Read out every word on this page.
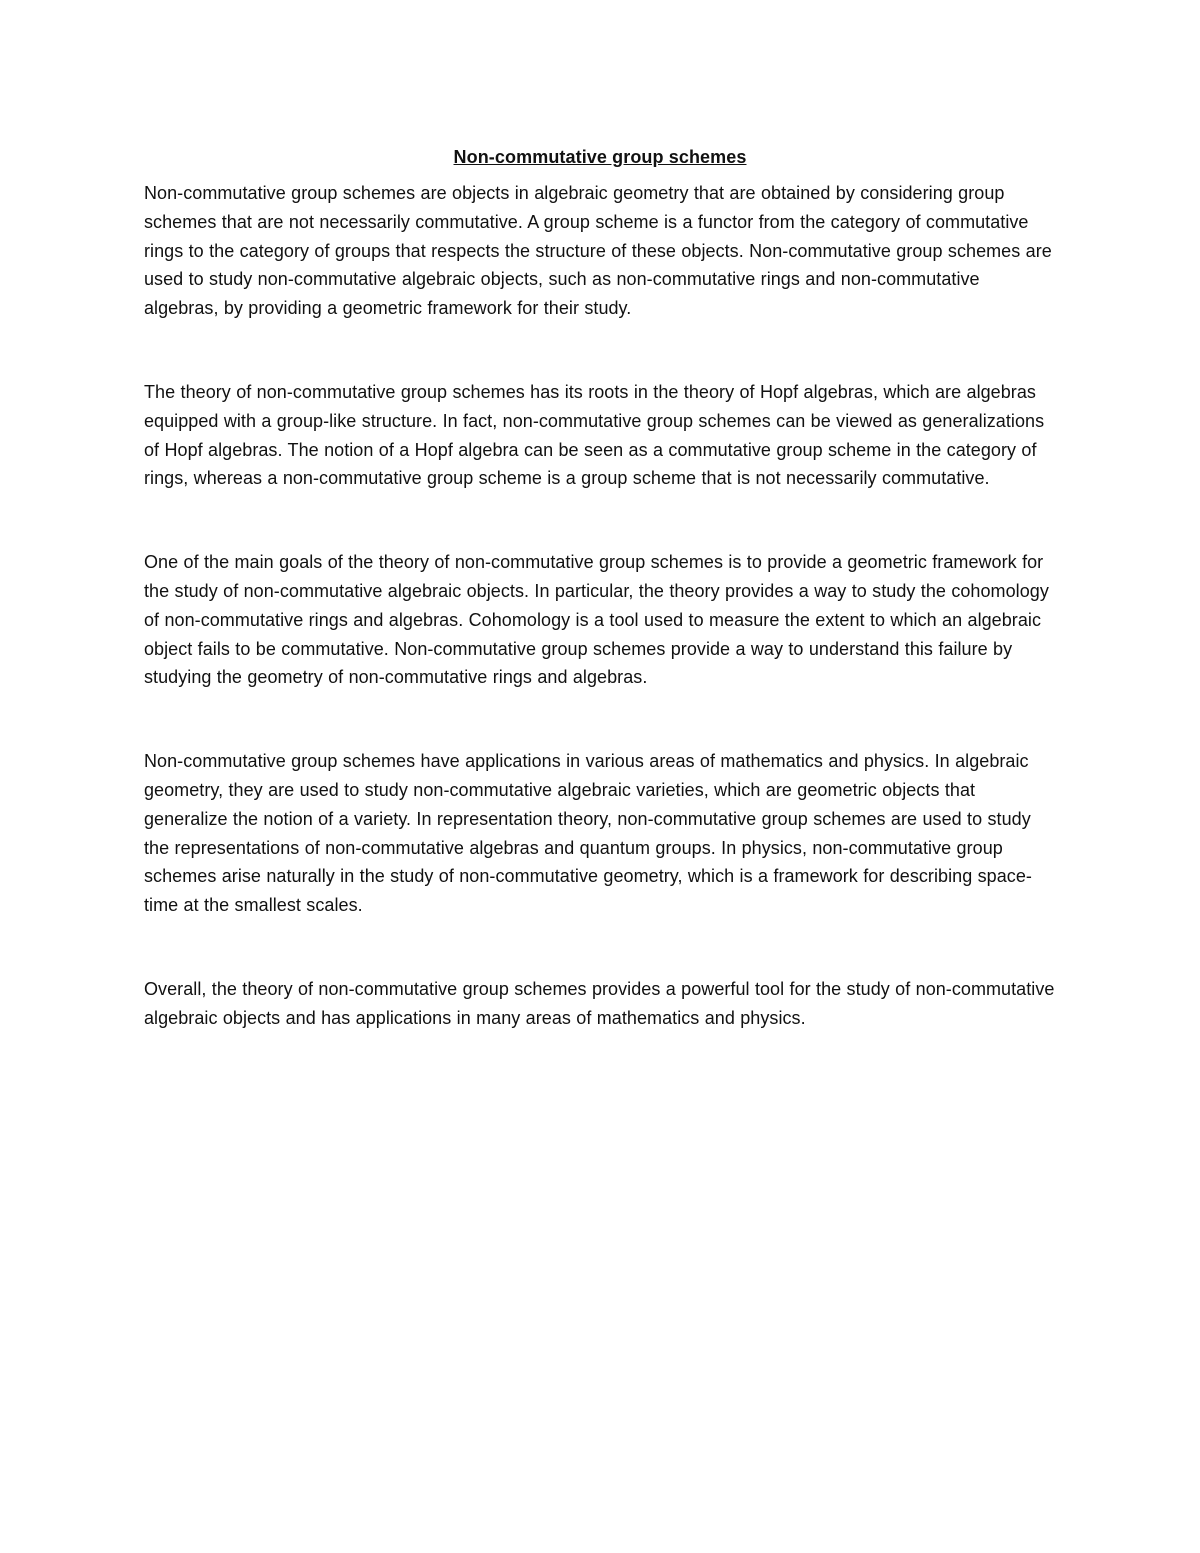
Non-commutative group schemes

Non-commutative group schemes are objects in algebraic geometry that are obtained by considering group schemes that are not necessarily commutative. A group scheme is a functor from the category of commutative rings to the category of groups that respects the structure of these objects. Non-commutative group schemes are used to study non-commutative algebraic objects, such as non-commutative rings and non-commutative algebras, by providing a geometric framework for their study.

The theory of non-commutative group schemes has its roots in the theory of Hopf algebras, which are algebras equipped with a group-like structure. In fact, non-commutative group schemes can be viewed as generalizations of Hopf algebras. The notion of a Hopf algebra can be seen as a commutative group scheme in the category of rings, whereas a non-commutative group scheme is a group scheme that is not necessarily commutative.

One of the main goals of the theory of non-commutative group schemes is to provide a geometric framework for the study of non-commutative algebraic objects. In particular, the theory provides a way to study the cohomology of non-commutative rings and algebras. Cohomology is a tool used to measure the extent to which an algebraic object fails to be commutative. Non-commutative group schemes provide a way to understand this failure by studying the geometry of non-commutative rings and algebras.

Non-commutative group schemes have applications in various areas of mathematics and physics. In algebraic geometry, they are used to study non-commutative algebraic varieties, which are geometric objects that generalize the notion of a variety. In representation theory, non-commutative group schemes are used to study the representations of non-commutative algebras and quantum groups. In physics, non-commutative group schemes arise naturally in the study of non-commutative geometry, which is a framework for describing space-time at the smallest scales.

Overall, the theory of non-commutative group schemes provides a powerful tool for the study of non-commutative algebraic objects and has applications in many areas of mathematics and physics.
